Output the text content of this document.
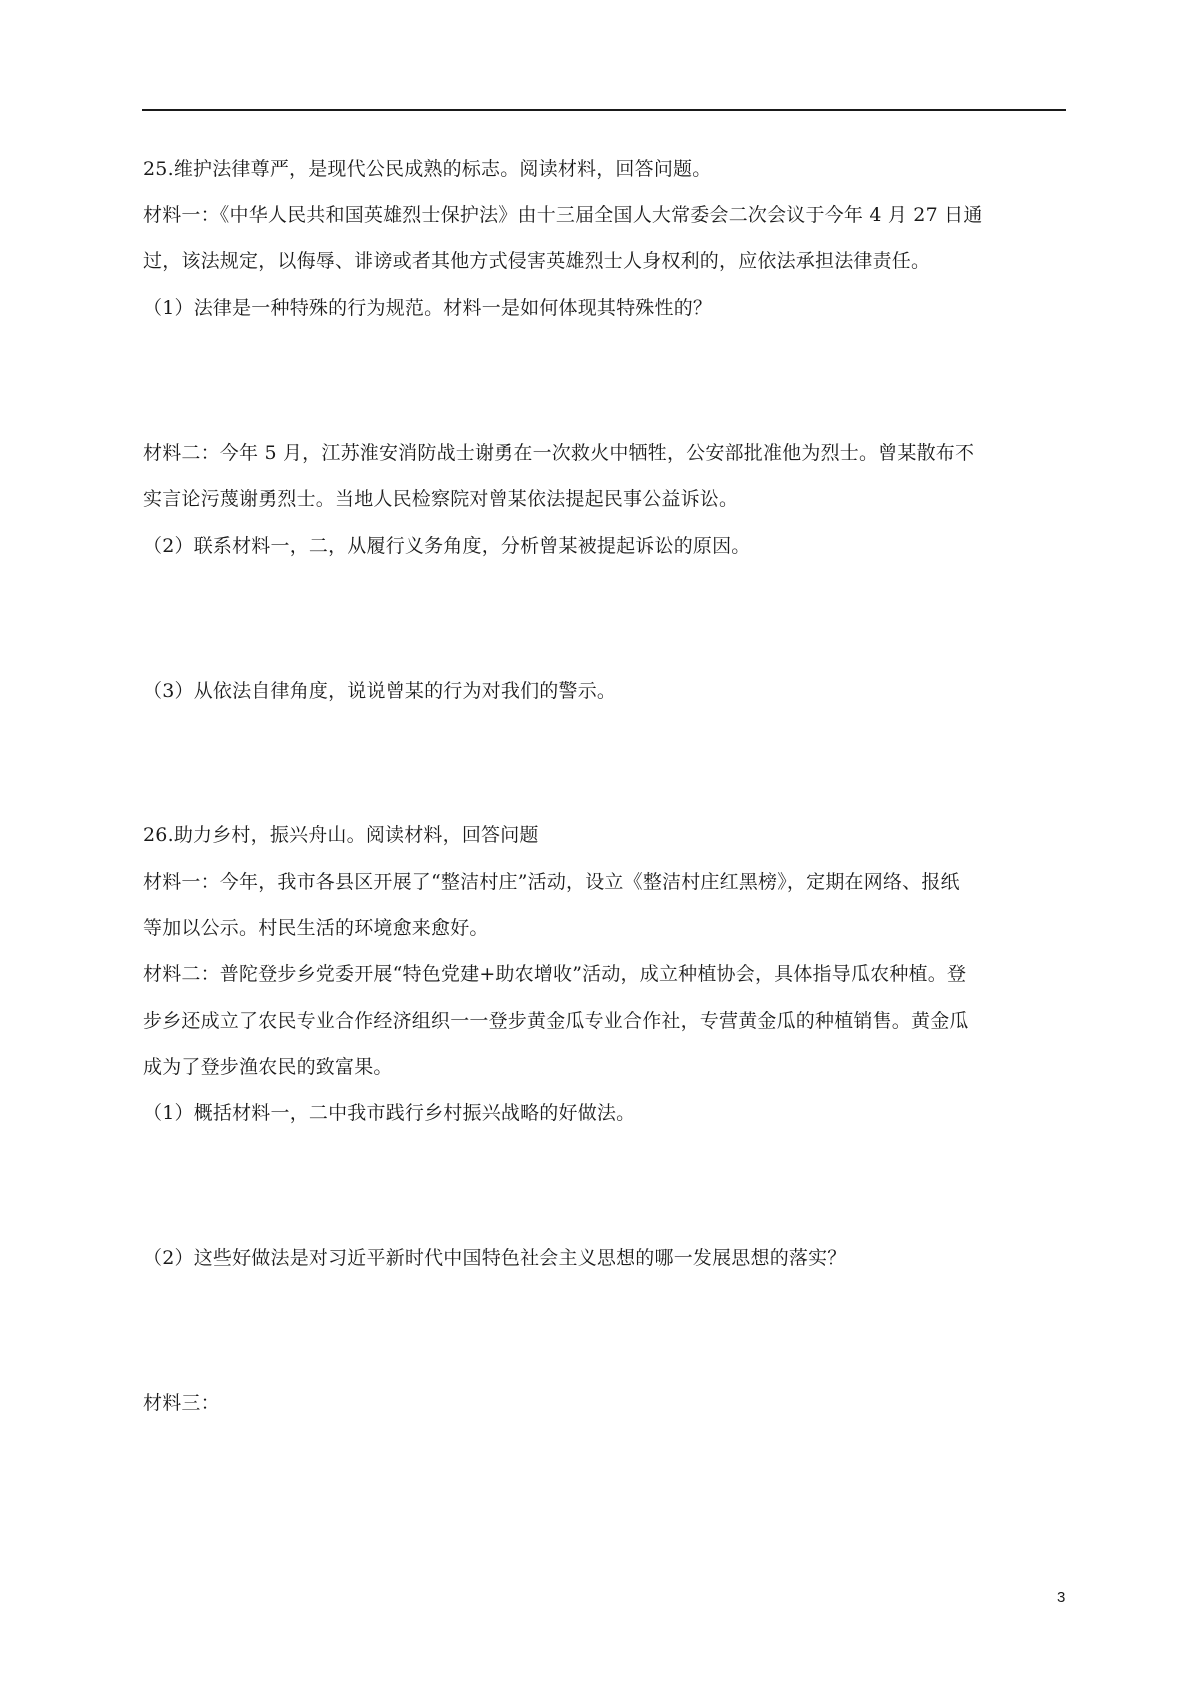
25.维护法律尊严，是现代公民成熟的标志。阅读材料，回答问题。
材料一：《中华人民共和国英雄烈士保护法》由十三届全国人大常委会二次会议于今年 4 月 27 日通
过，该法规定，以侮辱、诽谤或者其他方式侵害英雄烈士人身权利的，应依法承担法律责任。
（1）法律是一种特殊的行为规范。材料一是如何体现其特殊性的？
材料二：今年 5 月，江苏淮安消防战士谢勇在一次救火中牺牲，公安部批准他为烈士。曾某散布不
实言论污蔑谢勇烈士。当地人民检察院对曾某依法提起民事公益诉讼。
（2）联系材料一，二，从履行义务角度，分析曾某被提起诉讼的原因。
（3）从依法自律角度，说说曾某的行为对我们的警示。
26.助力乡村，振兴舟山。阅读材料，回答问题
材料一：今年，我市各县区开展了“整洁村庄”活动，设立《整洁村庄红黑榜》，定期在网络、报纸
等加以公示。村民生活的环境愈来愈好。
材料二：普陀登步乡党委开展“特色党建+助农增收”活动，成立种植协会，具体指导瓜农种植。登
步乡还成立了农民专业合作经济组织一一登步黄金瓜专业合作社，专营黄金瓜的种植销售。黄金瓜
成为了登步渔农民的致富果。
（1）概括材料一，二中我市践行乡村振兴战略的好做法。
（2）这些好做法是对习近平新时代中国特色社会主义思想的哪一发展思想的落实？
材料三：
3
